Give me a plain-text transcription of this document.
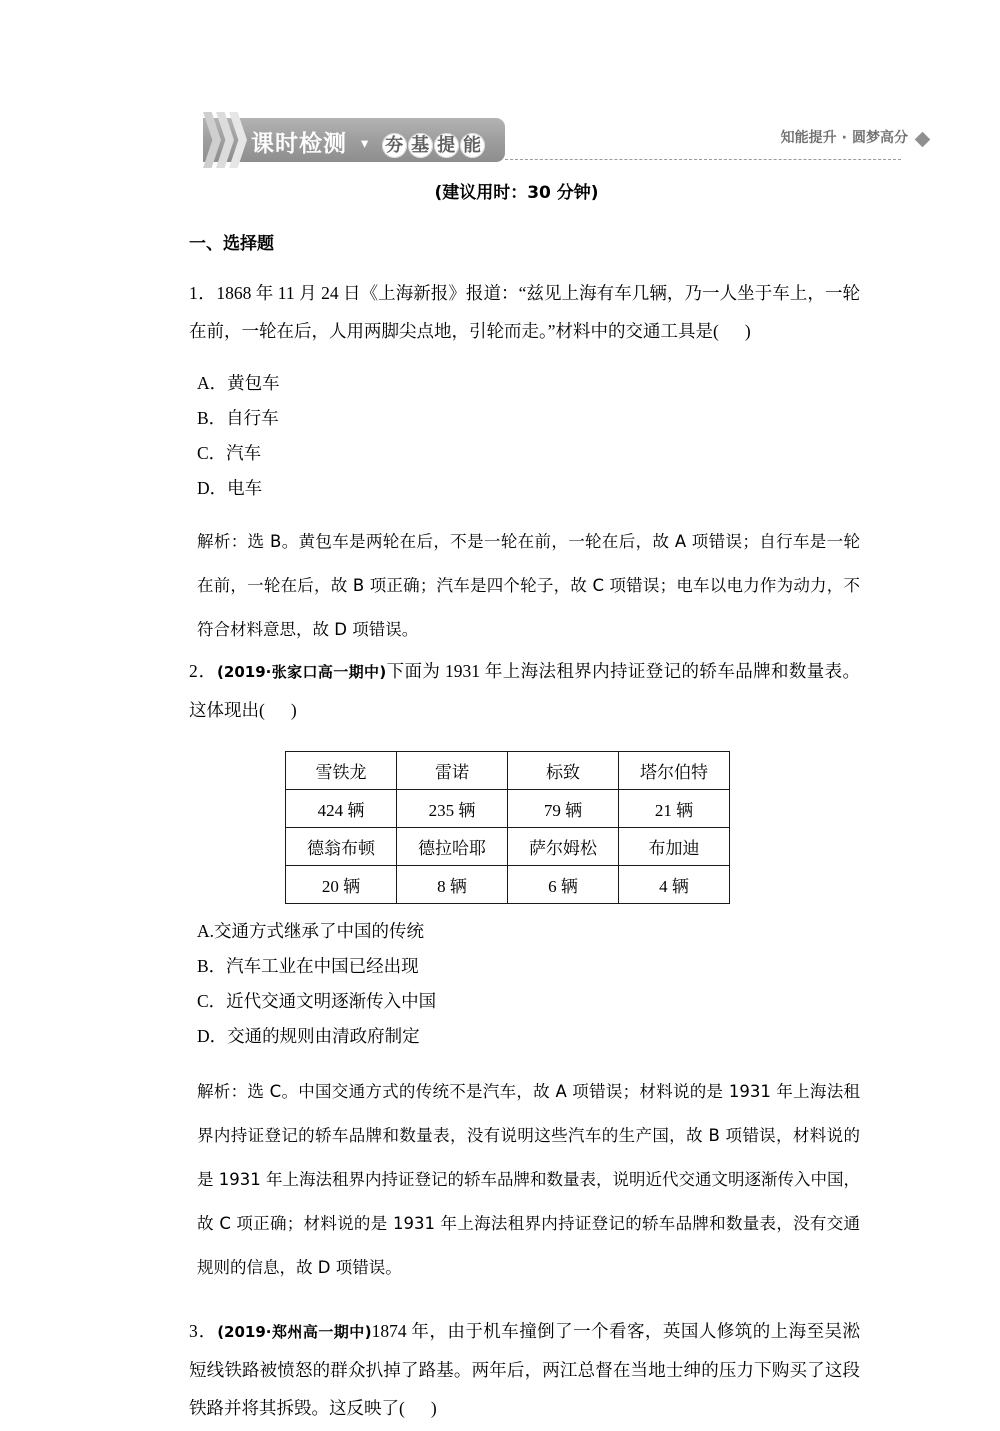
课时检测 ▾ 夯 基 提 能	知能提升 · 圆梦高分

(建议用时：30 分钟)

一、选择题

1．1868 年 11 月 24 日《上海新报》报道：“兹见上海有车几辆，乃一人坐于车上，一轮在前，一轮在后，人用两脚尖点地，引轮而走。”材料中的交通工具是( )

A．黄包车

B．自行车

C．汽车

D．电车

解析：选 B。黄包车是两轮在后，不是一轮在前，一轮在后，故 A 项错误；自行车是一轮在前，一轮在后，故 B 项正确；汽车是四个轮子，故 C 项错误；电车以电力作为动力，不符合材料意思，故 D 项错误。

2．(2019·张家口高一期中)下面为 1931 年上海法租界内持证登记的轿车品牌和数量表。这体现出( )

雪铁龙	雷诺	标致	塔尔伯特
424 辆	235 辆	79 辆	21 辆
德翁布顿	德拉哈耶	萨尔姆松	布加迪
20 辆	8 辆	6 辆	4 辆

A.交通方式继承了中国的传统

B．汽车工业在中国已经出现

C．近代交通文明逐渐传入中国

D．交通的规则由清政府制定

解析：选 C。中国交通方式的传统不是汽车，故 A 项错误；材料说的是 1931 年上海法租界内持证登记的轿车品牌和数量表，没有说明这些汽车的生产国，故 B 项错误，材料说的是 1931 年上海法租界内持证登记的轿车品牌和数量表，说明近代交通文明逐渐传入中国，故 C 项正确；材料说的是 1931 年上海法租界内持证登记的轿车品牌和数量表，没有交通规则的信息，故 D 项错误。

3．(2019·郑州高一期中)1874 年，由于机车撞倒了一个看客，英国人修筑的上海至吴淞短线铁路被愤怒的群众扒掉了路基。两年后，两江总督在当地士绅的压力下购买了这段铁路并将其拆毁。这反映了( )
